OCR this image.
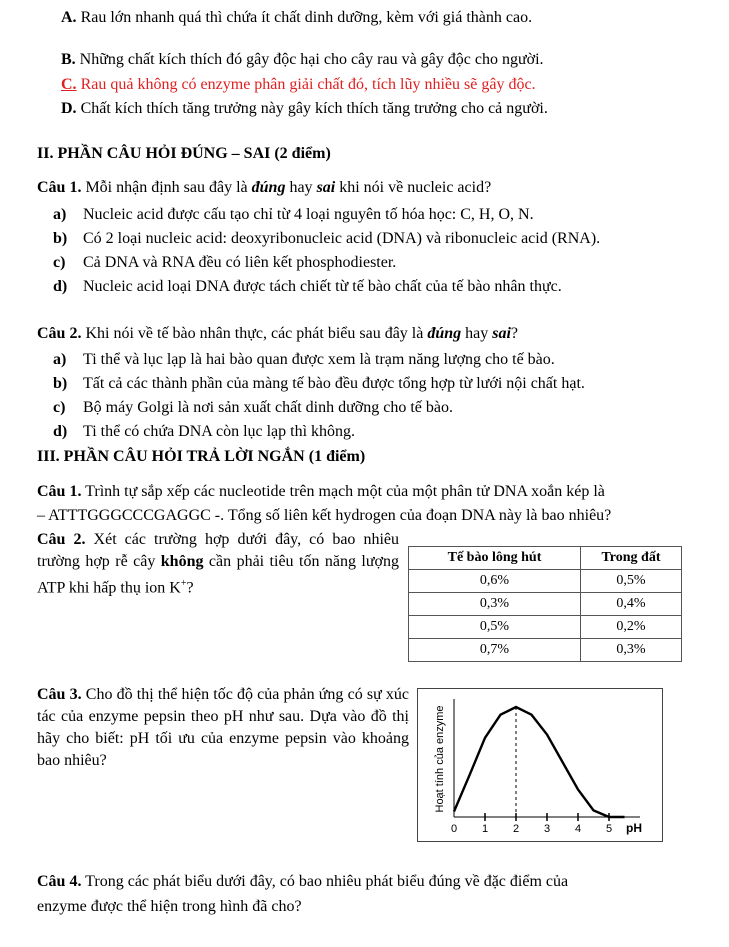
A. Rau lớn nhanh quá thì chứa ít chất dinh dưỡng, kèm với giá thành cao.
B. Những chất kích thích đó gây độc hại cho cây rau và gây độc cho người.
C. Rau quả không có enzyme phân giải chất đó, tích lũy nhiều sẽ gây độc.
D. Chất kích thích tăng trưởng này gây kích thích tăng trưởng cho cả người.
II. PHẦN CÂU HỎI ĐÚNG – SAI (2 điểm)
Câu 1. Mỗi nhận định sau đây là đúng hay sai khi nói về nucleic acid?
a) Nucleic acid được cấu tạo chỉ từ 4 loại nguyên tố hóa học: C, H, O, N.
b) Có 2 loại nucleic acid: deoxyribonucleic acid (DNA) và ribonucleic acid (RNA).
c) Cả DNA và RNA đều có liên kết phosphodiester.
d) Nucleic acid loại DNA được tách chiết từ tế bào chất của tế bào nhân thực.
Câu 2. Khi nói về tế bào nhân thực, các phát biểu sau đây là đúng hay sai?
a) Ti thể và lục lạp là hai bào quan được xem là trạm năng lượng cho tế bào.
b) Tất cả các thành phần của màng tế bào đều được tổng hợp từ lưới nội chất hạt.
c) Bộ máy Golgi là nơi sản xuất chất dinh dưỡng cho tế bào.
d) Ti thể có chứa DNA còn lục lạp thì không.
III. PHẦN CÂU HỎI TRẢ LỜI NGẮN (1 điểm)
Câu 1. Trình tự sắp xếp các nucleotide trên mạch một của một phân tử DNA xoắn kép là
– ATTTGGGCCCGAGGC -. Tổng số liên kết hydrogen của đoạn DNA này là bao nhiêu?
Câu 2. Xét các trường hợp dưới đây, có bao nhiêu trường hợp rễ cây không cần phải tiêu tốn năng lượng ATP khi hấp thụ ion K+?
Tế bào lông hút	Trong đất
0,6%	0,5%
0,3%	0,4%
0,5%	0,2%
0,7%	0,3%
Câu 3. Cho đồ thị thể hiện tốc độ của phản ứng có sự xúc tác của enzyme pepsin theo pH như sau. Dựa vào đồ thị hãy cho biết: pH tối ưu của enzyme pepsin vào khoảng bao nhiêu?	Hoạt tính của enzyme
pH
0 1 2 3 4 5
Câu 4. Trong các phát biểu dưới đây, có bao nhiêu phát biểu đúng về đặc điểm của
enzyme được thể hiện trong hình đã cho?
